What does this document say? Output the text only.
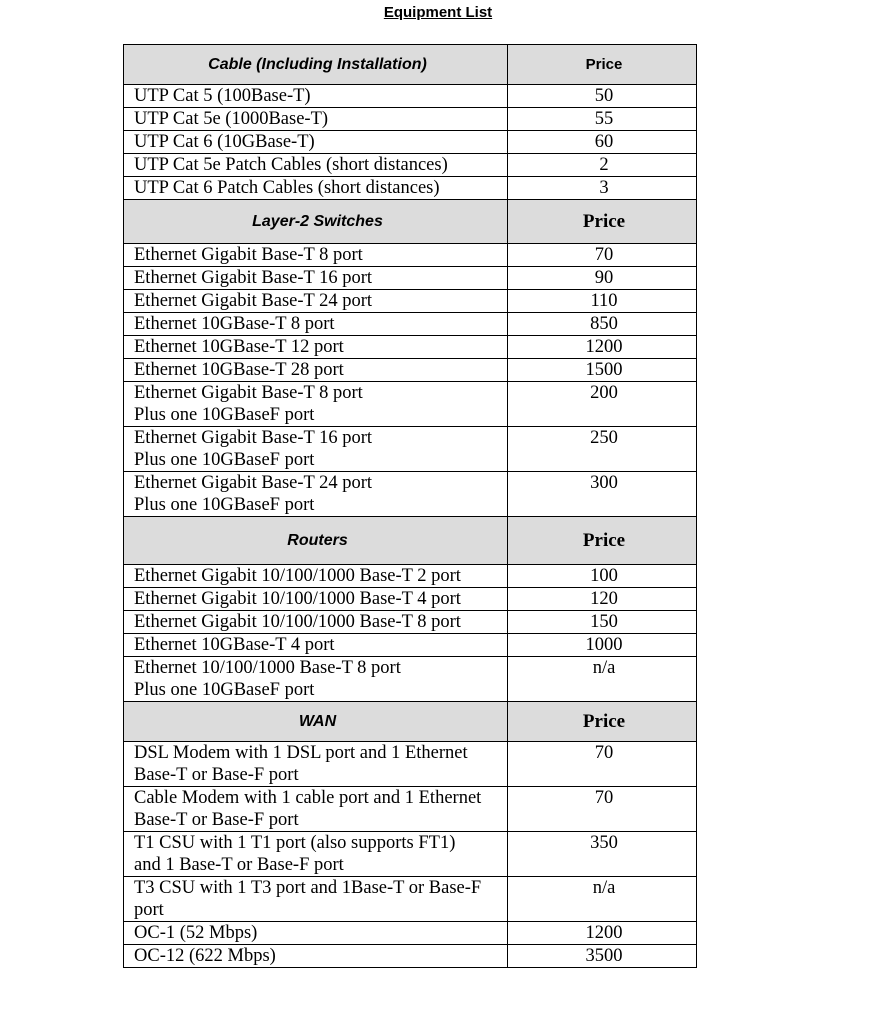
Equipment List
Cable (Including Installation)	Price

UTP Cat 5 (100Base-T)	50

UTP Cat 5e (1000Base-T)	55

UTP Cat 6 (10GBase-T)	60

UTP Cat 5e Patch Cables (short distances)	2

UTP Cat 6 Patch Cables (short distances)	3
Layer-2 Switches	Price

Ethernet Gigabit Base-T 8 port	70

Ethernet Gigabit Base-T 16 port	90

Ethernet Gigabit Base-T 24 port	110

Ethernet 10GBase-T 8 port	850

Ethernet 10GBase-T 12 port	1200

Ethernet 10GBase-T 28 port	1500

Ethernet Gigabit Base-T 8 port
Plus one 10GBaseF port	200

Ethernet Gigabit Base-T 16 port
Plus one 10GBaseF port	250

Ethernet Gigabit Base-T 24 port
Plus one 10GBaseF port	300
Routers	Price

Ethernet Gigabit 10/100/1000 Base-T 2 port	100

Ethernet Gigabit 10/100/1000 Base-T 4 port	120

Ethernet Gigabit 10/100/1000 Base-T 8 port	150

Ethernet 10GBase-T 4 port	1000

Ethernet 10/100/1000 Base-T 8 port
Plus one 10GBaseF port	n/a
WAN	Price

DSL Modem with 1 DSL port and 1 Ethernet
Base-T or Base-F port	70

Cable Modem with 1 cable port and 1 Ethernet
Base-T or Base-F port	70

T1 CSU with 1 T1 port (also supports FT1)
and 1 Base-T or Base-F port	350

T3 CSU with 1 T3 port and 1Base-T or Base-F
port	n/a

OC-1 (52 Mbps)	1200

OC-12 (622 Mbps)	3500
